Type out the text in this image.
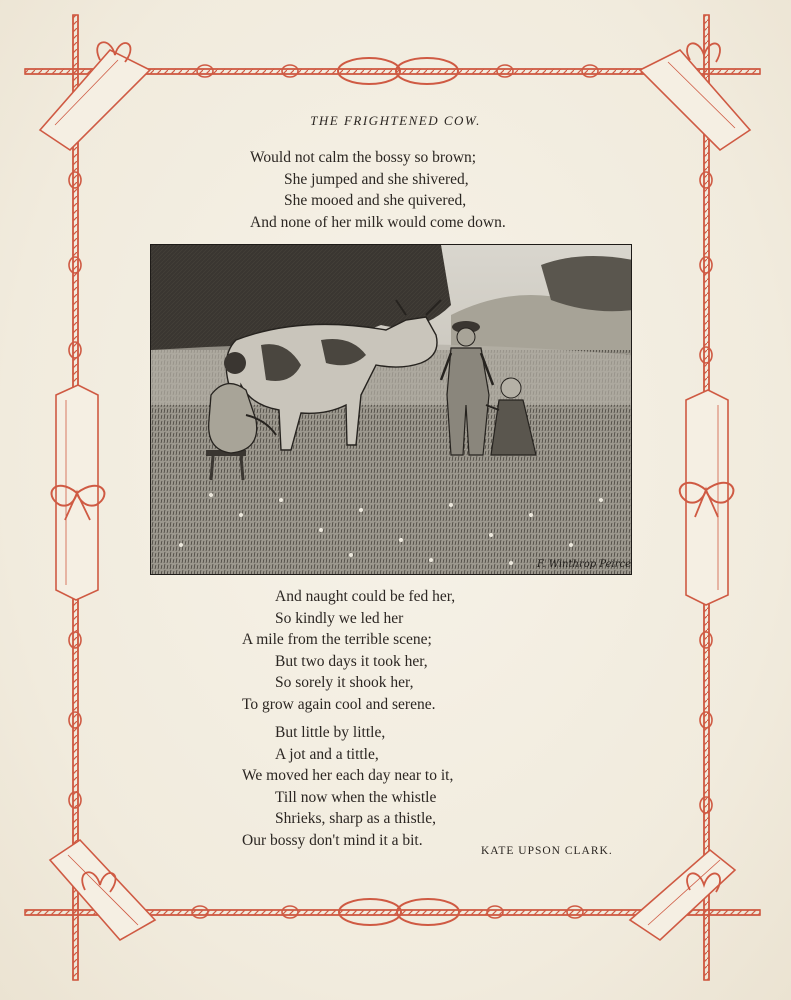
THE FRIGHTENED COW.
Would not calm the bossy so brown;
She jumped and she shivered,
She mooed and she quivered,
And none of her milk would come down.
F. Winthrop Peirce
And naught could be fed her,
So kindly we led her
A mile from the terrible scene;
But two days it took her,
So sorely it shook her,
To grow again cool and serene.
But little by little,
A jot and a tittle,
We moved her each day near to it,
Till now when the whistle
Shrieks, sharp as a thistle,
Our bossy don't mind it a bit.
KATE UPSON CLARK.
